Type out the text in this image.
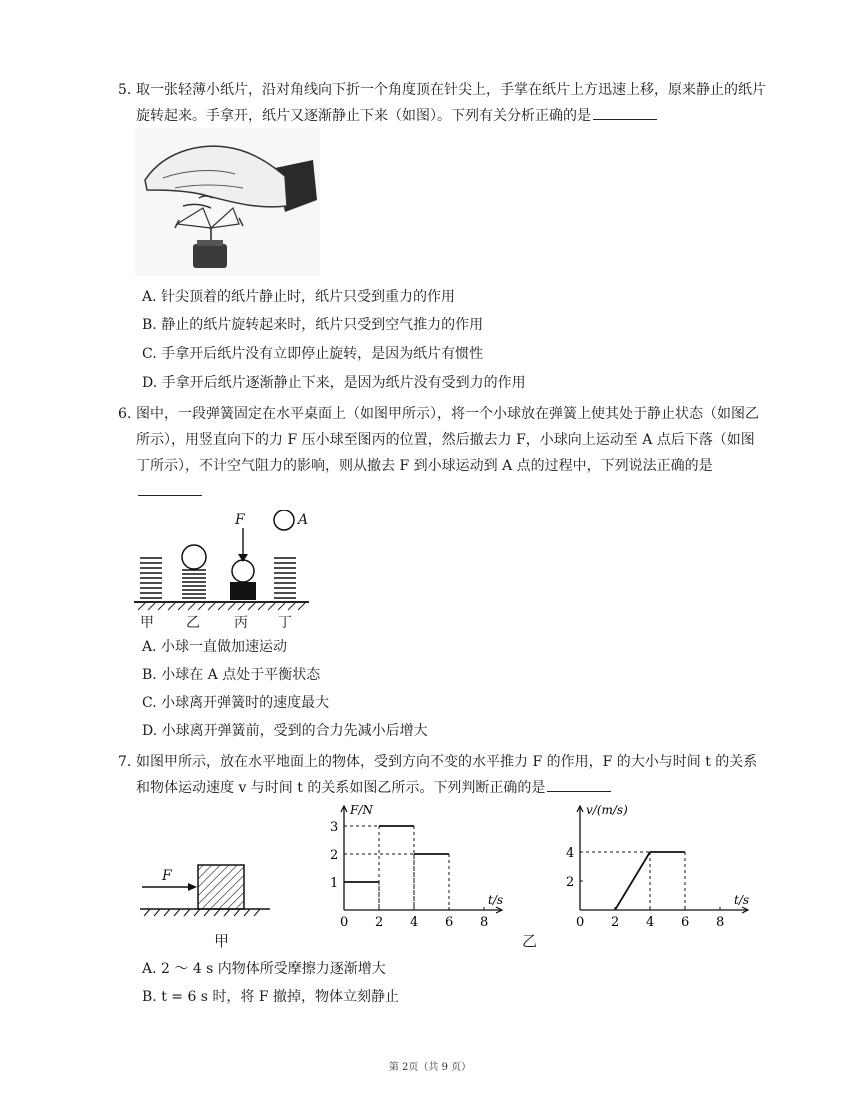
5. 取一张轻薄小纸片，沿对角线向下折一个角度顶在针尖上，手掌在纸片上方迅速上移，原来静止的纸片旋转起来。手拿开，纸片又逐渐静止下来（如图）。下列有关分析正确的是
A. 针尖顶着的纸片静止时，纸片只受到重力的作用
B. 静止的纸片旋转起来时，纸片只受到空气推力的作用
C. 手拿开后纸片没有立即停止旋转，是因为纸片有惯性
D. 手拿开后纸片逐渐静止下来，是因为纸片没有受到力的作用
6. 图中，一段弹簧固定在水平桌面上（如图甲所示），将一个小球放在弹簧上使其处于静止状态（如图乙所示），用竖直向下的力 F 压小球至图丙的位置，然后撤去力 F，小球向上运动至 A 点后下落（如图丁所示），不计空气阻力的影响，则从撤去 F 到小球运动到 A 点的过程中，下列说法正确的是
F	A
甲 乙 丙 丁
A. 小球一直做加速运动
B. 小球在 A 点处于平衡状态
C. 小球离开弹簧时的速度最大
D. 小球离开弹簧前，受到的合力先减小后增大
7. 如图甲所示，放在水平地面上的物体，受到方向不变的水平推力 F 的作用，F 的大小与时间 t 的关系和物体运动速度 v 与时间 t 的关系如图乙所示。下列判断正确的是
F
甲
F/N
t/s
0 2 4 6 8
1
2
3
v/(m/s)
t/s
0 2 4 6 8
2
4
乙
A. 2 ～ 4 s 内物体所受摩擦力逐渐增大
B. t = 6 s 时，将 F 撤掉，物体立刻静止
第 2页（共 9 页）
